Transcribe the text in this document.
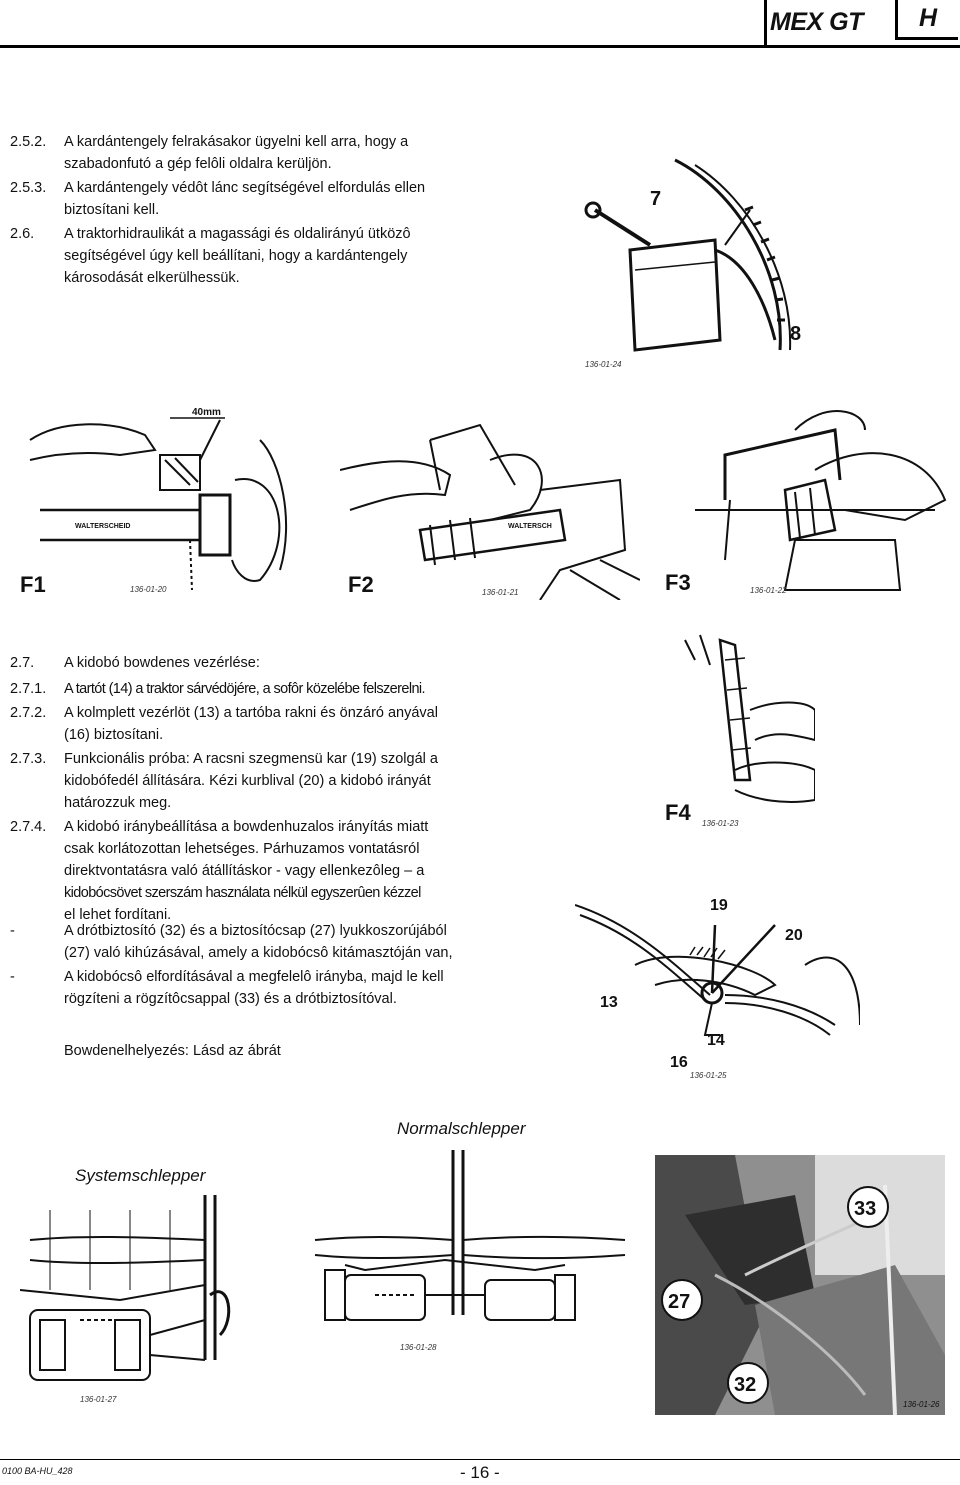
MEX GT H
2.5.2. A kardántengely felrakásakor ügyelni kell arra, hogy a
szabadonfutó a gép felôli oldalra kerüljön.
2.5.3. A kardántengely védôt lánc segítségével elfordulás ellen
biztosítani kell.
2.6. A traktorhidraulikát a magassági és oldalirányú ütközô
segítségével úgy kell beállítani, hogy a kardántengely
károsodását elkerülhessük.
7
8
136-01-24
40mm
WALTERSCHEID
F1	136-01-20
WALTERSCH
F2	136-01-21	F3	136-01-22
2.7. A kidobó bowdenes vezérlése:
2.7.1. A tartót (14) a traktor sárvédöjére, a sofôr közelébe felszerelni.
2.7.2. A kolmplett vezérlöt (13) a tartóba rakni és önzáró anyával
(16) biztosítani.
2.7.3. Funkcionális próba: A racsni szegmensü kar (19) szolgál a
kidobófedél állítására. Kézi kurblival (20) a kidobó irányát
határozzuk meg.
2.7.4. A kidobó iránybeállítása a bowdenhuzalos irányítás miatt
csak korlátozottan lehetséges. Párhuzamos vontatásról
direktvontatásra való átállításkor - vagy ellenkezôleg – a
kidobócsövet szerszám használata nélkül egyszerûen kézzel
el lehet fordítani.
-	A drótbiztosító (32) és a biztosítócsap (27) lyukkoszorújából
(27) való kihúzásával, amely a kidobócsô kitámasztóján van,
-	A kidobócsô elfordításával a megfelelô irányba, majd le kell
rögzíteni a rögzítôcsappal (33) és a drótbiztosítóval.
Bowdenelhelyezés: Lásd az ábrát
F4 136-01-23
19
20
13
14
16
136-01-25
Systemschlepper
Normalschlepper
136-01-27
136-01-28
33
27
32
136-01-26
0100 BA-HU_428	- 16 -
